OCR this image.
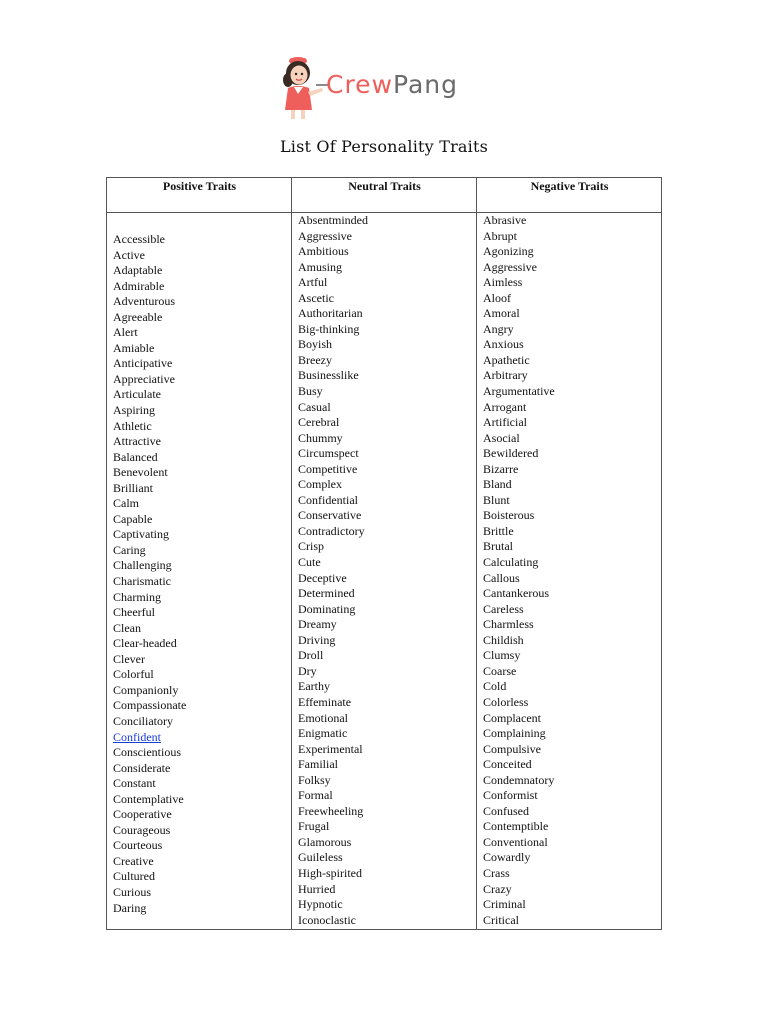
CrewPang
List Of Personality Traits
Positive Traits	Neutral Traits	Negative Traits
Accessible
Active
Adaptable
Admirable
Adventurous
Agreeable
Alert
Amiable
Anticipative
Appreciative
Articulate
Aspiring
Athletic
Attractive
Balanced
Benevolent
Brilliant
Calm
Capable
Captivating
Caring
Challenging
Charismatic
Charming
Cheerful
Clean
Clear-headed
Clever
Colorful
Companionly
Compassionate
Conciliatory
Confident
Conscientious
Considerate
Constant
Contemplative
Cooperative
Courageous
Courteous
Creative
Cultured
Curious
Daring
Absentminded
Aggressive
Ambitious
Amusing
Artful
Ascetic
Authoritarian
Big-thinking
Boyish
Breezy
Businesslike
Busy
Casual
Cerebral
Chummy
Circumspect
Competitive
Complex
Confidential
Conservative
Contradictory
Crisp
Cute
Deceptive
Determined
Dominating
Dreamy
Driving
Droll
Dry
Earthy
Effeminate
Emotional
Enigmatic
Experimental
Familial
Folksy
Formal
Freewheeling
Frugal
Glamorous
Guileless
High-spirited
Hurried
Hypnotic
Iconoclastic
Abrasive
Abrupt
Agonizing
Aggressive
Aimless
Aloof
Amoral
Angry
Anxious
Apathetic
Arbitrary
Argumentative
Arrogant
Artificial
Asocial
Bewildered
Bizarre
Bland
Blunt
Boisterous
Brittle
Brutal
Calculating
Callous
Cantankerous
Careless
Charmless
Childish
Clumsy
Coarse
Cold
Colorless
Complacent
Complaining
Compulsive
Conceited
Condemnatory
Conformist
Confused
Contemptible
Conventional
Cowardly
Crass
Crazy
Criminal
Critical
